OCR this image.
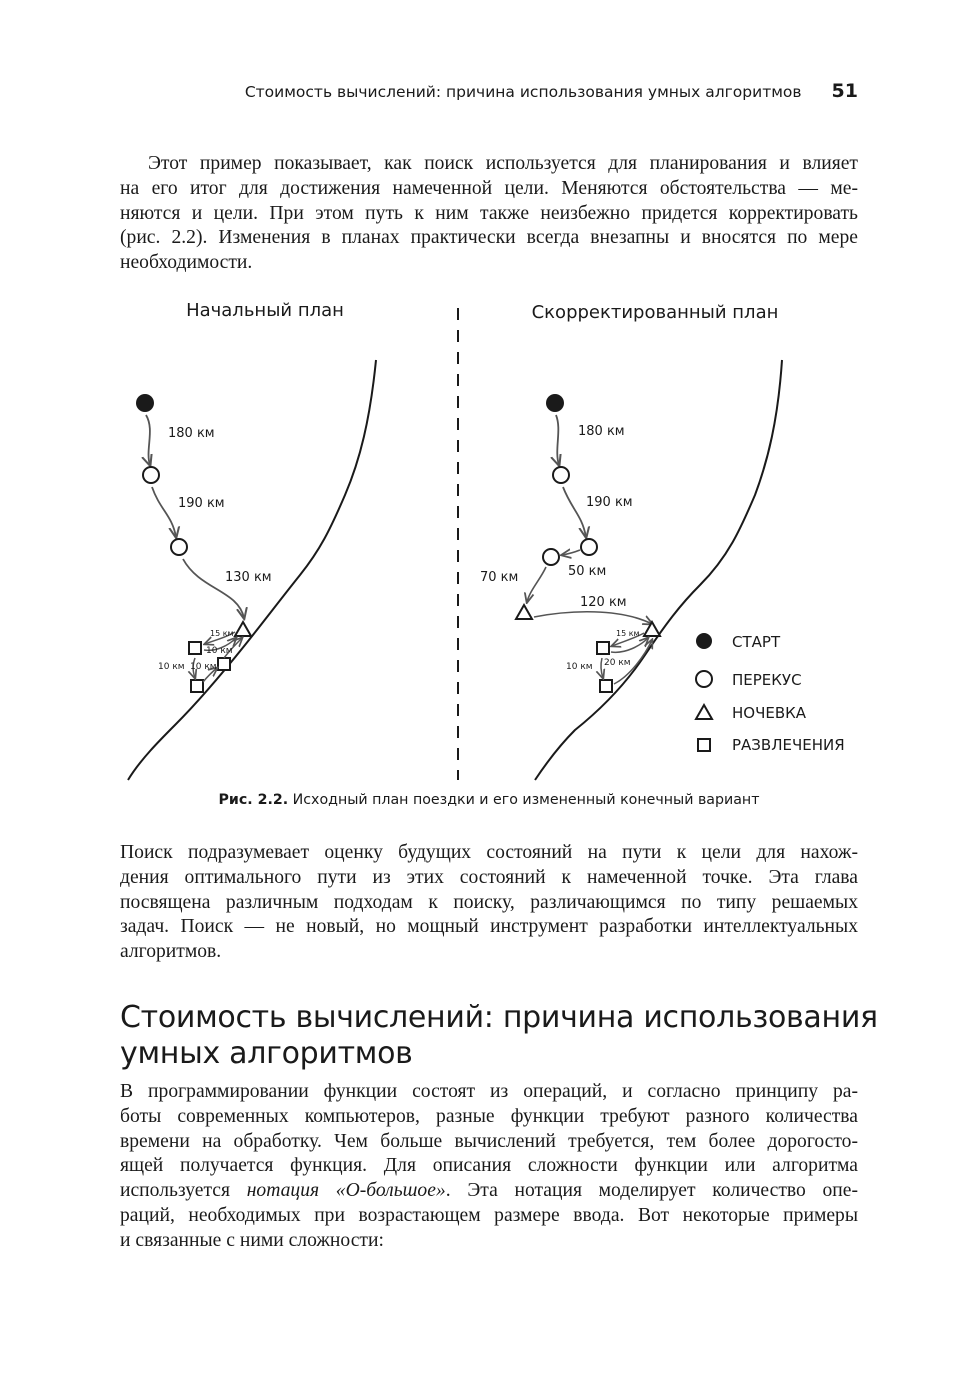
Стоимость вычислений: причина использования умных алгоритмов 51
Этот пример показывает, как поиск используется для планирования и влияет
на его итог для достижения намеченной цели. Меняются обстоятельства — ме-
няются и цели. При этом путь к ним также неизбежно придется корректировать
(рис. 2.2). Изменения в планах практически всегда внезапны и вносятся по мере
необходимости.
Начальный план	Скорректированный план
180 км
190 км
130 км
15 км
10 км
10 км 10 км
180 км
190 км
50 км
70 км
120 км
15 км
20 км
10 км
СТАРТ
ПЕРЕКУС
НОЧЕВКА
РАЗВЛЕЧЕНИЯ
Рис. 2.2. Исходный план поездки и его измененный конечный вариант
Поиск подразумевает оценку будущих состояний на пути к цели для нахож-
дения оптимального пути из этих состояний к намеченной точке. Эта глава
посвящена различным подходам к поиску, различающимся по типу решаемых
задач. Поиск — не новый, но мощный инструмент разработки интеллектуальных
алгоритмов.
Стоимость вычислений: причина использования
умных алгоритмов
В программировании функции состоят из операций, и согласно принципу ра-
боты современных компьютеров, разные функции требуют разного количества
времени на обработку. Чем больше вычислений требуется, тем более дорогосто-
ящей получается функция. Для описания сложности функции или алгоритма
используется нотация «О-большое». Эта нотация моделирует количество опе-
раций, необходимых при возрастающем размере ввода. Вот некоторые примеры
и связанные с ними сложности:
